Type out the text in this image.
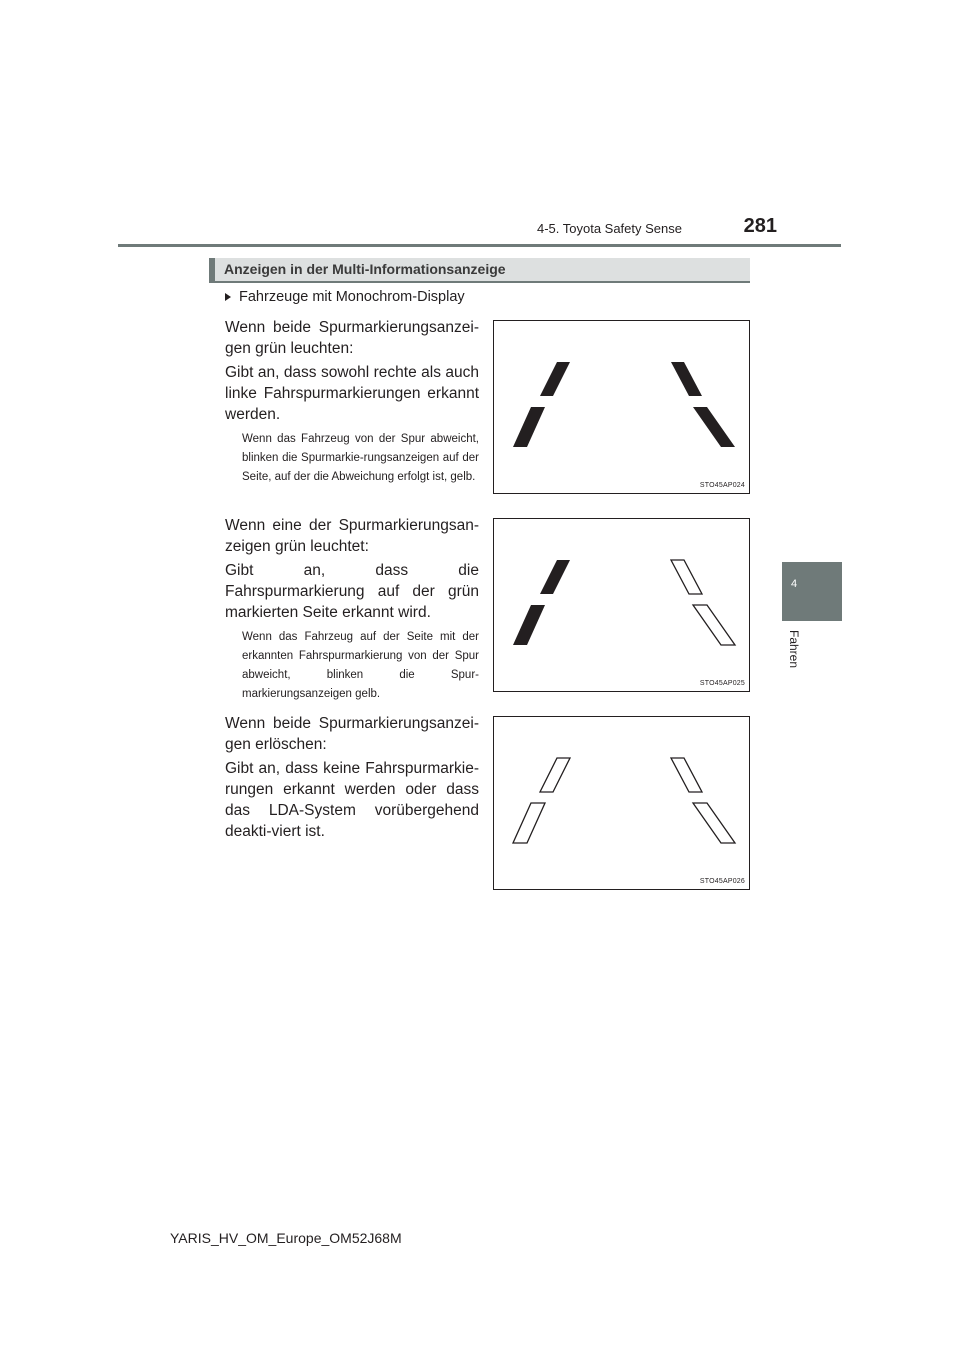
4-5. Toyota Safety Sense	281
4
Fahren
Anzeigen in der Multi-Informationsanzeige
Fahrzeuge mit Monochrom-Display
Wenn beide Spurmarkierungsanzei-gen grün leuchten:
Gibt an, dass sowohl rechte als auch linke Fahrspurmarkierungen erkannt werden.
Wenn das Fahrzeug von der Spur abweicht, blinken die Spurmarkie-rungsanzeigen auf der Seite, auf der die Abweichung erfolgt ist, gelb.
Wenn eine der Spurmarkierungsan-zeigen grün leuchtet:
Gibt an, dass die Fahrspurmarkierung auf der grün markierten Seite erkannt wird.
Wenn das Fahrzeug auf der Seite mit der erkannten Fahrspurmarkierung von der Spur abweicht, blinken die Spur-markierungsanzeigen gelb.
Wenn beide Spurmarkierungsanzei-gen erlöschen:
Gibt an, dass keine Fahrspurmarkie-rungen erkannt werden oder dass das LDA-System vorübergehend deakti-viert ist.
STO45AP024
STO45AP025
STO45AP026
YARIS_HV_OM_Europe_OM52J68M
